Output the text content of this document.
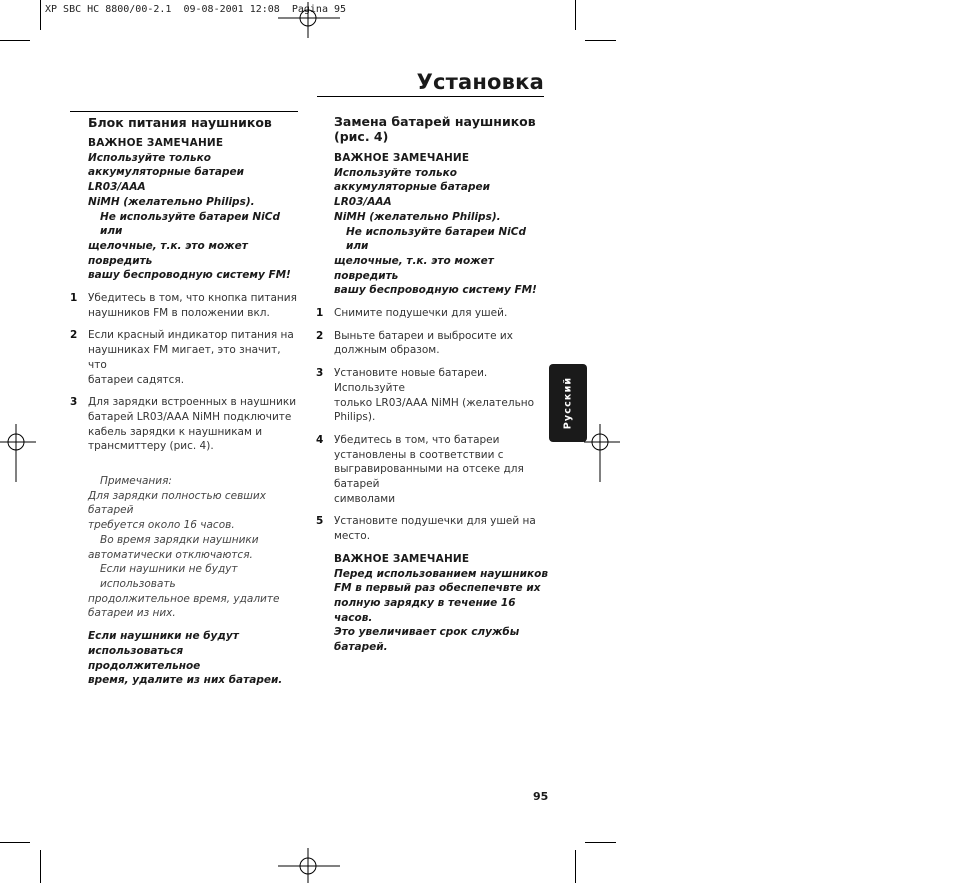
XP SBC HC 8800/00-2.1  09-08-2001 12:08  Pagina 95
Установка

Блок питания наушников

ВАЖНОЕ ЗАМЕЧАНИЕ
Используйте только
аккумуляторные батареи LR03/AAA
NiMH (желательно Philips).
Не используйте батареи NiCd или
щелочные, т.к. это может повредить
вашу беспроводную систему FM!
1 Убедитесь в том, что кнопка питания
наушников FM в положении вкл.
2 Если красный индикатор питания на
наушниках FM мигает, это значит, что
батареи садятся.
3 Для зарядки встроенных в наушники
батарей LR03/AAA NiMH подключите
кабель зарядки к наушникам и
трансмиттеру (рис. 4).
Примечания:
Для зарядки полностью севших батарей
требуется около 16 часов.
Во время зарядки наушники
автоматически отключаются.
Если наушники не будут использовать
продолжительное время, удалите
батареи из них.
Если наушники не будут
использоваться продолжительное
время, удалите из них батареи.

Замена батарей наушников
(рис. 4)

ВАЖНОЕ ЗАМЕЧАНИЕ
Используйте только
аккумуляторные батареи LR03/AAA
NiMH (желательно Philips).
Не используйте батареи NiCd или
щелочные, т.к. это может повредить
вашу беспроводную систему FM!
1 Снимите подушечки для ушей.
2 Выньте батареи и выбросите их
должным образом.
3 Установите новые батареи. Используйте
только LR03/AAA NiMH (желательно
Philips).
4 Убедитесь в том, что батареи
установлены в соответствии с
выгравированными на отсеке для батарей
символами
5 Установите подушечки для ушей на
место.
ВАЖНОЕ ЗАМЕЧАНИЕ
Перед использованием наушников
FM в первый раз обеспепечвте их
полную зарядку в течение 16 часов.
Это увеличивает срок службы
батарей.
Русский
95
